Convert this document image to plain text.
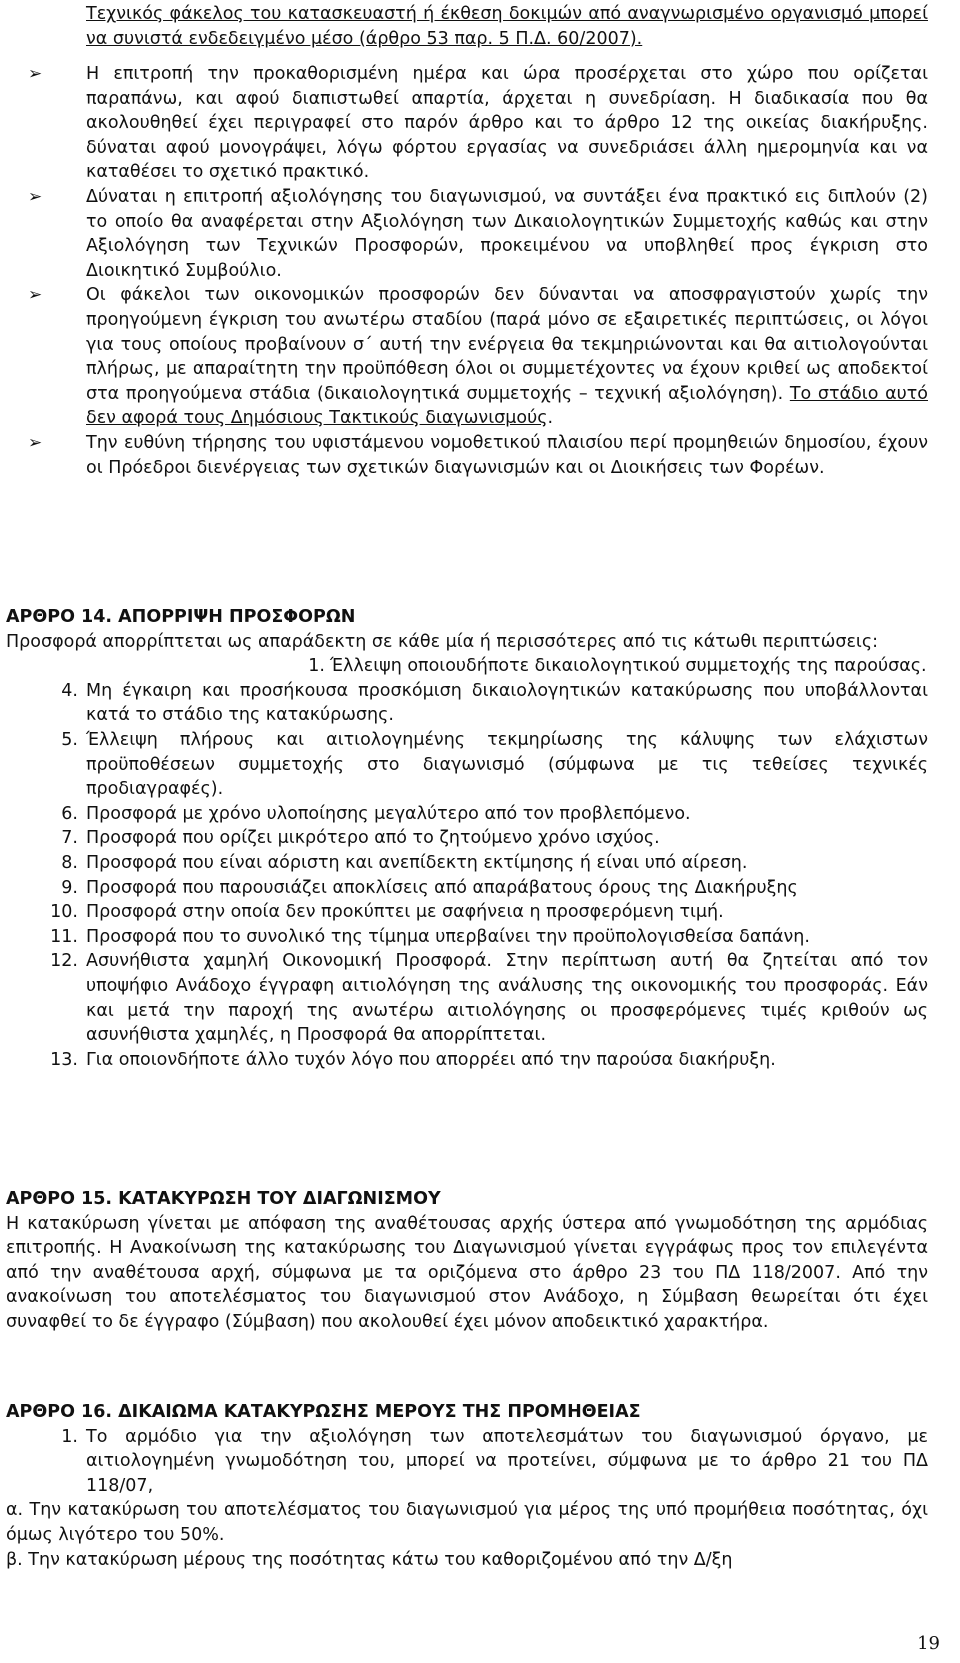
Τεχνικός φάκελος του κατασκευαστή ή έκθεση δοκιμών από αναγνωρισμένο οργανισμό μπορεί να συνιστά ενδεδειγμένο μέσο (άρθρο 53 παρ. 5 Π.Δ. 60/2007).
➢	Η επιτροπή την προκαθορισμένη ημέρα και ώρα προσέρχεται στο χώρο που ορίζεται παραπάνω, και αφού διαπιστωθεί απαρτία, άρχεται η συνεδρίαση. Η διαδικασία που θα ακολουθηθεί έχει περιγραφεί στο παρόν άρθρο και το άρθρο 12 της οικείας διακήρυξης. δύναται αφού μονογράψει, λόγω φόρτου εργασίας να συνεδριάσει άλλη ημερομηνία και να καταθέσει το σχετικό πρακτικό.
➢	Δύναται η επιτροπή αξιολόγησης του διαγωνισμού, να συντάξει ένα πρακτικό εις διπλούν (2) το οποίο θα αναφέρεται στην Αξιολόγηση των Δικαιολογητικών Συμμετοχής καθώς και στην Αξιολόγηση των Τεχνικών Προσφορών, προκειμένου να υποβληθεί προς έγκριση στο Διοικητικό Συμβούλιο.
➢	Οι φάκελοι των οικονομικών προσφορών δεν δύνανται να αποσφραγιστούν χωρίς την προηγούμενη έγκριση του ανωτέρω σταδίου (παρά μόνο σε εξαιρετικές περιπτώσεις, οι λόγοι για τους οποίους προβαίνουν σ΄ αυτή την ενέργεια θα τεκμηριώνονται και θα αιτιολογούνται πλήρως, με απαραίτητη την προϋπόθεση όλοι οι συμμετέχοντες να έχουν κριθεί ως αποδεκτοί στα προηγούμενα στάδια (δικαιολογητικά συμμετοχής – τεχνική αξιολόγηση). Το στάδιο αυτό δεν αφορά τους Δημόσιους Τακτικούς διαγωνισμούς.
➢	Την ευθύνη τήρησης του υφιστάμενου νομοθετικού πλαισίου περί προμηθειών δημοσίου, έχουν οι Πρόεδροι διενέργειας των σχετικών διαγωνισμών και οι Διοικήσεις των Φορέων.
ΑΡΘΡΟ 14. ΑΠΟΡΡΙΨΗ ΠΡΟΣΦΟΡΩΝ
Προσφορά απορρίπτεται ως απαράδεκτη σε κάθε μία ή περισσότερες από τις κάτωθι περιπτώσεις:
1. Έλλειψη οποιουδήποτε δικαιολογητικού συμμετοχής της παρούσας.
4. Μη έγκαιρη και προσήκουσα προσκόμιση δικαιολογητικών κατακύρωσης που υποβάλλονται κατά το στάδιο της κατακύρωσης.
5. Έλλειψη πλήρους και αιτιολογημένης τεκμηρίωσης της κάλυψης των ελάχιστων προϋποθέσεων συμμετοχής στο διαγωνισμό (σύμφωνα με τις τεθείσες τεχνικές προδιαγραφές).
6. Προσφορά με χρόνο υλοποίησης μεγαλύτερο από τον προβλεπόμενο.
7. Προσφορά που ορίζει μικρότερο από το ζητούμενο χρόνο ισχύος.
8. Προσφορά που είναι αόριστη και ανεπίδεκτη εκτίμησης ή είναι υπό αίρεση.
9. Προσφορά που παρουσιάζει αποκλίσεις από απαράβατους όρους της Διακήρυξης
10. Προσφορά στην οποία δεν προκύπτει με σαφήνεια η προσφερόμενη τιμή.
11. Προσφορά που το συνολικό της τίμημα υπερβαίνει την προϋπολογισθείσα δαπάνη.
12. Ασυνήθιστα χαμηλή Οικονομική Προσφορά. Στην περίπτωση αυτή θα ζητείται από τον υποψήφιο Ανάδοχο έγγραφη αιτιολόγηση της ανάλυσης της οικονομικής του προσφοράς. Εάν και μετά την παροχή της ανωτέρω αιτιολόγησης οι προσφερόμενες τιμές κριθούν ως ασυνήθιστα χαμηλές, η Προσφορά θα απορρίπτεται.
13. Για οποιονδήποτε άλλο τυχόν λόγο που απορρέει από την παρούσα διακήρυξη.
ΑΡΘΡΟ 15. ΚΑΤΑΚΥΡΩΣΗ ΤΟΥ ΔΙΑΓΩΝΙΣΜΟΥ
Η κατακύρωση γίνεται με απόφαση της αναθέτουσας αρχής ύστερα από γνωμοδότηση της αρμόδιας επιτροπής. Η Ανακοίνωση της κατακύρωσης του Διαγωνισμού γίνεται εγγράφως προς τον επιλεγέντα από την αναθέτουσα αρχή, σύμφωνα με τα οριζόμενα στο άρθρο 23 του ΠΔ 118/2007. Από την ανακοίνωση του αποτελέσματος του διαγωνισμού στον Ανάδοχο, η Σύμβαση θεωρείται ότι έχει συναφθεί το δε έγγραφο (Σύμβαση) που ακολουθεί έχει μόνον αποδεικτικό χαρακτήρα.
ΑΡΘΡΟ 16. ΔΙΚΑΙΩΜΑ ΚΑΤΑΚΥΡΩΣΗΣ ΜΕΡΟΥΣ ΤΗΣ ΠΡΟΜΗΘΕΙΑΣ
1. Το αρμόδιο για την αξιολόγηση των αποτελεσμάτων του διαγωνισμού όργανο, με αιτιολογημένη γνωμοδότηση του, μπορεί να προτείνει, σύμφωνα με το άρθρο 21 του ΠΔ 118/07,
α. Την κατακύρωση του αποτελέσματος του διαγωνισμού για μέρος της υπό προμήθεια ποσότητας, όχι όμως λιγότερο του 50%.
β. Την κατακύρωση μέρους της ποσότητας κάτω του καθοριζομένου από την Δ/ξη
19
